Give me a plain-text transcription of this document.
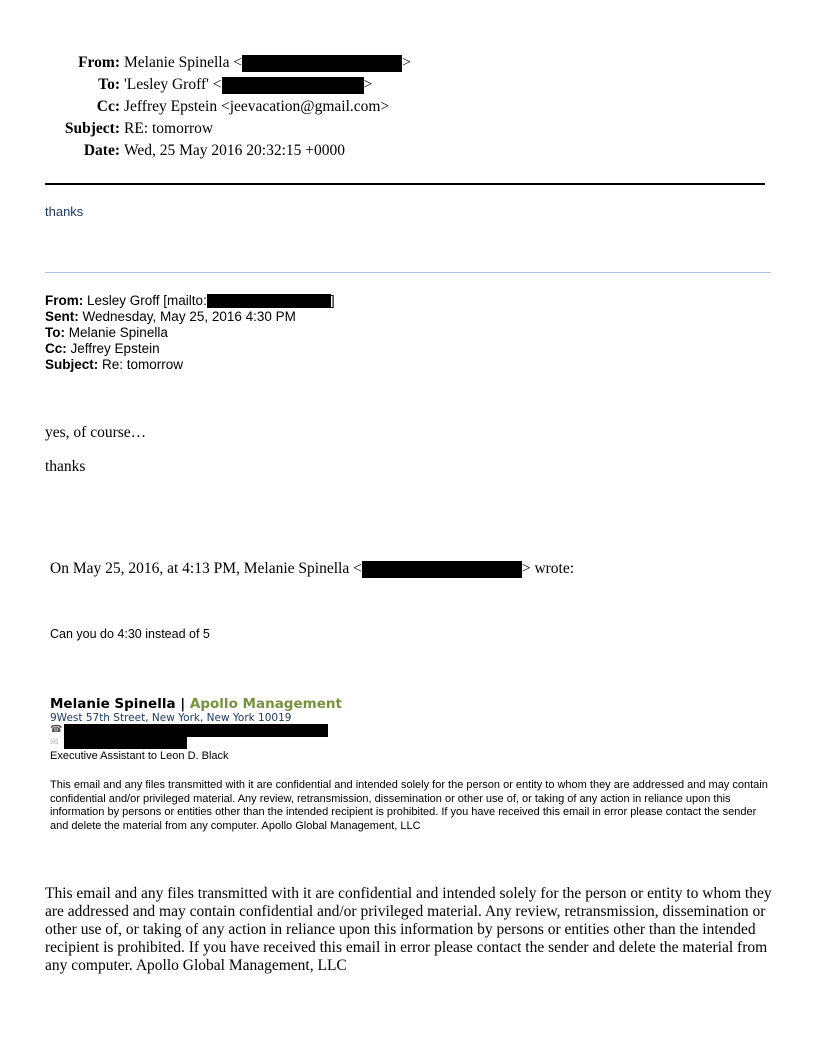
From: Melanie Spinella <	>
To: 'Lesley Groff' <	>
Cc: Jeffrey Epstein <jeevacation@gmail.com>
Subject: RE: tomorrow
Date: Wed, 25 May 2016 20:32:15 +0000
thanks
From: Lesley Groff [mailto:	]
Sent: Wednesday, May 25, 2016 4:30 PM
To: Melanie Spinella
Cc: Jeffrey Epstein
Subject: Re: tomorrow
yes, of course…
thanks
On May 25, 2016, at 4:13 PM, Melanie Spinella <	> wrote:
Can you do 4:30 instead of 5
Melanie Spinella | Apollo Management
9West 57th Street, New York, New York 10019
☎
✉
Executive Assistant to Leon D. Black
This email and any files transmitted with it are confidential and intended solely for the person or entity to whom they are addressed and may contain confidential and/or privileged material. Any review, retransmission, dissemination or other use of, or taking of any action in reliance upon this information by persons or entities other than the intended recipient is prohibited. If you have received this email in error please contact the sender and delete the material from any computer. Apollo Global Management, LLC
This email and any files transmitted with it are confidential and intended solely for the person or entity to whom they are addressed and may contain confidential and/or privileged material. Any review, retransmission, dissemination or other use of, or taking of any action in reliance upon this information by persons or entities other than the intended recipient is prohibited. If you have received this email in error please contact the sender and delete the material from any computer. Apollo Global Management, LLC
